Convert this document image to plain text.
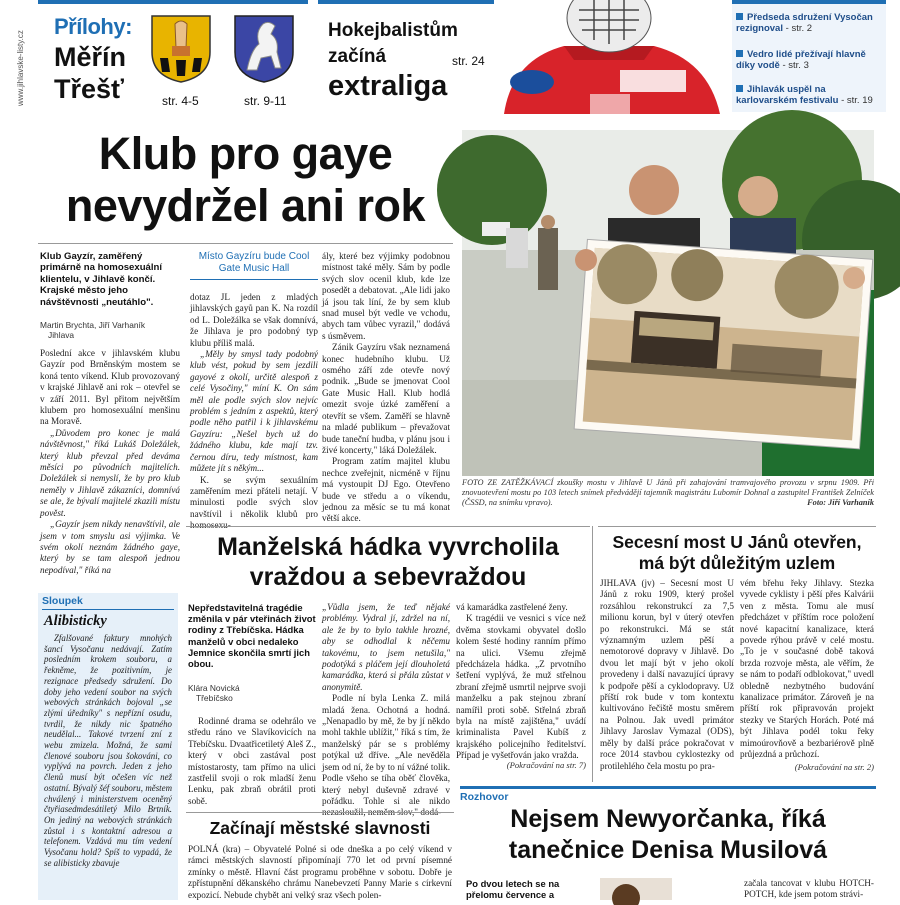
www.jihlavske-listy.cz
Přílohy:
Měřín
Třešť	str. 4-5	str. 9-11
Hokejbalistům
začíná
extraliga
str. 24
Předseda sdružení Vysočan rezignoval - str. 2
Vedro lidé přežívají hlavně díky vodě - str. 3
Jihlavák uspěl na karlovarském festivalu - str. 19
Klub pro gaye
nevydržel ani rok
Klub Gayzír, zaměřený primárně na homosexuální klientelu, v Jihlavě končí. Krajské město jeho návštěvnosti „neutáhlo".
Martin Brychta, Jiří Varhaník
Jihlava

Poslední akce v jihlavském klubu Gayzír pod Brněnským mostem se koná tento víkend. Klub provozovaný v krajské Jihlavě ani rok – otevřel se v září 2011. Byl přitom největším klubem pro homosexuální menšinu na Moravě.

„Důvodem pro konec je malá návštěvnost," říká Lukáš Doležálek, který klub převzal před deváma měsíci po původních majitelích. Doležálek si nemyslí, že by pro klub neměly v Jihlavě zákazníci, domnívá se ale, že bývalí majitelé zkazili místu pověst.

„Gayzír jsem nikdy nenavštívil, ale jsem v tom smyslu asi výjimka. Ve svém okolí neznám žádného gaye, který by se tam alespoň jednou nepodíval," říká na

Místo Gayzíru bude Cool Gate Music Hall

dotaz JL jeden z mladých jihlavských gayů pan K. Na rozdíl od L. Doležálka se však domnívá, že Jihlava je pro podobný typ klubu příliš malá.

„Měly by smysl tady podobný klub vést, pokud by sem jezdili gayové z okolí, určitě alespoň z celé Vysočiny," míní K. On sám měl ale podle svých slov nejvíc problém s jedním z aspektů, který podle něho patřil i k jihlavskému Gayzíru: „Nešel bych už do žádného klubu, kde mají tzv. černou díru, tedy místnost, kam můžete jít s někým...

K. se svým sexuálním zaměřením mezi přáteli netají. V minulosti podle svých slov navštívil i několik klubů pro homosexu-

ály, které bez výjimky podobnou místnost také měly. Sám by podle svých slov ocenil klub, kde lze posedět a debatovat. „Ale lidi jako já jsou tak líní, že by sem klub snad musel být vedle ve vchodu, abych tam vůbec vyrazil," dodává s úsměvem.

Zánik Gayzíru však neznamená konec hudebního klubu. Už osmého září zde otevře nový podnik. „Bude se jmenovat Cool Gate Music Hall. Klub hodlá omezit svoje úzké zaměření a otevřít se všem. Zaměří se hlavně na mladé publikum – převažovat bude taneční hudba, v plánu jsou i živé koncerty," láká Doležálek.

Program zatím majitel klubu nechce zveřejnit, nicméně v říjnu má vystoupit DJ Ego. Otevřeno bude ve středu a o víkendu, jednou za měsíc se tu má konat větší akce.

FOTO ZE ZATĚŽKÁVACÍ zkoušky mostu v Jihlavě U Jánů při zahajování tramvajového provozu v srpnu 1909. Při znovuotevření mostu po 103 letech snímek předvádějí tajemník magistrátu Lubomír Dohnal a zastupitel František Zelníček (ČSSD, na snímku vpravo).	Foto: Jiří Varhaník
Sloupek
Alibisticky
Zfalšované faktury mnohých šancí Vysočanu nedávají. Zatím posledním krokem souboru, a řekněme, že pozitivním, je rezignace předsedy sdružení. Do doby jeho vedení soubor na svých webových stránkách bojoval „se zlými úředníky" s nepřízní osudu, tvrdil, že nikdy nic špatného neudělal... Takové tvrzení zní z webu zmizela. Možná, že sami členové souboru jsou šokováni, co vyplývá na povrch. Jeden z jeho členů musí být očešen víc než ostatní. Bývalý šéf souboru, městem chválený i ministerstvem oceněný čtyřiasedmdesátiletý Milo Brtník. On jediný na webových stránkách zůstal i s kontaktní adresou a telefonem. Vzdává mu tím vedení Vysočanu hold? Spíš to vypadá, že se alibisticky zbavuje
Manželská hádka vyvrcholila
vraždou a sebevraždou
Nepředstavitelná tragédie změnila v pár vteřinách život rodiny z Třebíčska. Hádka manželů v obci nedaleko Jemnice skončila smrtí jich obou.
Klára Novická
Třebíčsko

Rodinné drama se odehrálo ve středu ráno ve Slavíkovicích na Třebíčsku. Dvaatřicetiletý Aleš Z., který v obci zastával post místostarosty, tam přímo na ulici zastřelil svoji o rok mladší ženu Lenku, pak zbraň obrátil proti sobě.

„Vůdla jsem, že teď nějaké problémy. Vydral jí, zdržel na ní, ale že by to bylo takhle hrozné, aby se odhodlal k něčemu takovému, to jsem netušila," podotýká s pláčem její dlouholetá kamarádka, která si přála zůstat v anonymitě.

Podle ní byla Lenka Z. milá mladá žena. Ochotná a hodná. „Nenapadlo by mě, že by jí někdo mohl takhle ublížit," říká s tím, že manželský pár se s problémy potýkal už dříve. „Ale nevěděla jsem od ní, že by to ní vážné tolik. Podle všeho se tíha oběť člověka, který nebyl duševně zdravé v pořádku. Tohle si ale nikdo nezasloužil, neměm slov," dodá-

vá kamarádka zastřelené ženy.

K tragédii ve vesnici s více než dvěma stovkami obyvatel došlo kolem šesté hodiny ranním přímo na ulici. Všemu zřejmě předcházela hádka. „Z prvotního šetření vyplývá, že muž střelnou zbraní zřejmě usmrtil nejprve svoji manželku a pak stejnou zbraní namířil proti sobě. Střelná zbraň byla na místě zajištěna," uvádí kriminalista Pavel Kubíš z krajského policejního ředitelství. Případ je vyšetřován jako vražda.

(Pokračování na str. 7)
Začínají městské slavnosti

POLNÁ (kra) – Obyvatelé Polné si ode dneška a po celý víkend v rámci městských slavností připomínají 770 let od první písemné zmínky o městě. Hlavní část programu proběhne v sobotu. Dobře je zpřístupnění děkanského chrámu Nanebevzetí Panny Marie s církevní expozicí. Nebude chybět ani velký sraz všech polen-

Secesní most U Jánů otevřen,
má být důležitým uzlem

JIHLAVA (jv) – Secesní most U Jánů z roku 1909, který prošel rozsáhlou rekonstrukcí za 7,5 milionu korun, byl v úterý otevřen po rekonstrukci. Má se stát významným uzlem pěší a nemotorové dopravy v Jihlavě. Do dvou let mají být v jeho okolí provedeny i další navazující úpravy k podpoře pěší a cyklodopravy. Už příští rok bude v tom kontextu kultivováno řečiště mostu směrem na Polnou. Jak uvedl primátor Jihlavy Jaroslav Vymazal (ODS), měly by další práce pokračovat v roce 2014 stavbou cyklostezky od protilehlého čela mostu po pra-

vém břehu řeky Jihlavy. Stezka vyvede cyklisty i pěší přes Kalvárii ven z města. Tomu ale musí předcházet v příštím roce položení nové kapacitní kanalizace, která povede rýhou právě v celé mostu. „To je v současné době taková brzda rozvoje města, ale věřím, že se nám to podaří odblokovat," uvedl obledně nezbytného budování kanalizace primátor. Zároveň je na příští rok připravován projekt stezky ve Starých Horách. Poté má být Jihlava podél toku řeky mimoúrovňově a bezbariérově plně průjezdná a průchozí.

(Pokračování na str. 2)
Rozhovor
Nejsem Newyorčanka, říká
tanečnice Denisa Musilová
Po dvou letech se na přelomu července a

začala tancovat v klubu HOTCH-POTCH, kde jsem potom strávi-
